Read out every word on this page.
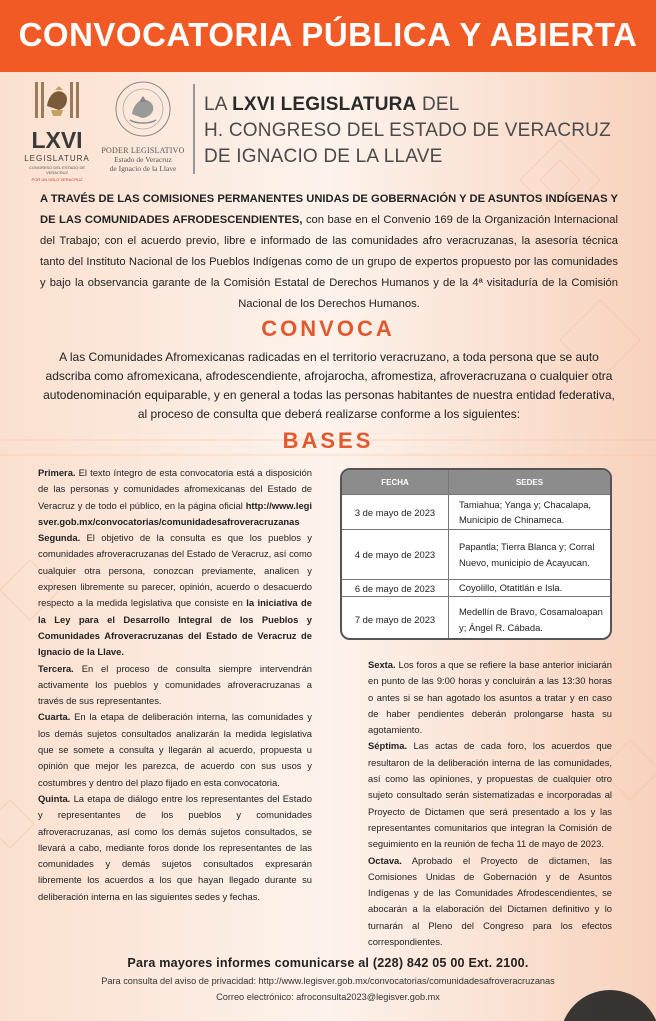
CONVOCATORIA PÚBLICA Y ABIERTA
LXVI
LEGISLATURA
CONGRESO DEL ESTADO DE VERACRUZ
POR UN SOLO VERACRUZ
PODER LEGISLATIVO
Estado de Veracruz
de Ignacio de la Llave
LA LXVI LEGISLATURA DEL
H. CONGRESO DEL ESTADO DE VERACRUZ
DE IGNACIO DE LA LLAVE
A TRAVÉS DE LAS COMISIONES PERMANENTES UNIDAS DE GOBERNACIÓN Y DE ASUNTOS INDÍGENAS Y DE LAS COMUNIDADES AFRODESCENDIENTES, con base en el Convenio 169 de la Organización Internacional del Trabajo; con el acuerdo previo, libre e informado de las comunidades afro veracruzanas, la asesoría técnica tanto del Instituto Nacional de los Pueblos Indígenas como de un grupo de expertos propuesto por las comunidades y bajo la observancia garante de la Comisión Estatal de Derechos Humanos y de la 4ª visitaduría de la Comisión Nacional de los Derechos Humanos.
CONVOCA
A las Comunidades Afromexicanas radicadas en el territorio veracruzano, a toda persona que se auto adscriba como afromexicana, afrodescendiente, afrojarocha, afromestiza, afroveracruzana o cualquier otra autodenominación equiparable, y en general a todas las personas habitantes de nuestra entidad federativa, al proceso de consulta que deberá realizarse conforme a los siguientes:
BASES

Primera. El texto íntegro de esta convocatoria está a disposición de las personas y comunidades afromexicanas del Estado de Veracruz y de todo el público, en la página oficial http://www.legisver.gob.mx/convocatorias/comunidadesafroveracruzanas

Segunda. El objetivo de la consulta es que los pueblos y comunidades afroveracruzanas del Estado de Veracruz, así como cualquier otra persona, conozcan previamente, analicen y expresen libremente su parecer, opinión, acuerdo o desacuerdo respecto a la medida legislativa que consiste en la iniciativa de la Ley para el Desarrollo Integral de los Pueblos y Comunidades Afroveracruzanas del Estado de Veracruz de Ignacio de la Llave.

Tercera. En el proceso de consulta siempre intervendrán activamente los pueblos y comunidades afroveracruzanas a través de sus representantes.

Cuarta. En la etapa de deliberación interna, las comunidades y los demás sujetos consultados analizarán la medida legislativa que se somete a consulta y llegarán al acuerdo, propuesta u opinión que mejor les parezca, de acuerdo con sus usos y costumbres y dentro del plazo fijado en esta convocatoria.

Quinta. La etapa de diálogo entre los representantes del Estado y representantes de los pueblos y comunidades afroveracruzanas, así como los demás sujetos consultados, se llevará a cabo, mediante foros donde los representantes de las comunidades y demás sujetos consultados expresarán libremente los acuerdos a los que hayan llegado durante su deliberación interna en las siguientes sedes y fechas.

FECHA	SEDES
3 de mayo de 2023
Tamiahua; Yanga y; Chacalapa, Municipio de Chinameca.
4 de mayo de 2023
Papantla; Tierra Blanca y; Corral Nuevo, municipio de Acayucan.
6 de mayo de 2023	Coyolillo, Otatitlán e Isla.
7 de mayo de 2023
Medellín de Bravo, Cosamaloapan y; Ángel R. Cábada.

Sexta. Los foros a que se refiere la base anterior iniciarán en punto de las 9:00 horas y concluirán a las 13:30 horas o antes si se han agotado los asuntos a tratar y en caso de haber pendientes deberán prolongarse hasta su agotamiento.

Séptima. Las actas de cada foro, los acuerdos que resultaron de la deliberación interna de las comunidades, así como las opiniones, y propuestas de cualquier otro sujeto consultado serán sistematizadas e incorporadas al Proyecto de Dictamen que será presentado a los y las representantes comunitarios que integran la Comisión de seguimiento en la reunión de fecha 11 de mayo de 2023.

Octava. Aprobado el Proyecto de dictamen, las Comisiones Unidas de Gobernación y de Asuntos Indígenas y de las Comunidades Afrodescendientes, se abocarán a la elaboración del Dictamen definitivo y lo turnarán al Pleno del Congreso para los efectos correspondientes.

Para mayores informes comunicarse al (228) 842 05 00 Ext. 2100.
Para consulta del aviso de privacidad: http://www.legisver.gob.mx/convocatorias/comunidadesafroveracruzanas
Correo electrónico: afroconsulta2023@legisver.gob.mx
